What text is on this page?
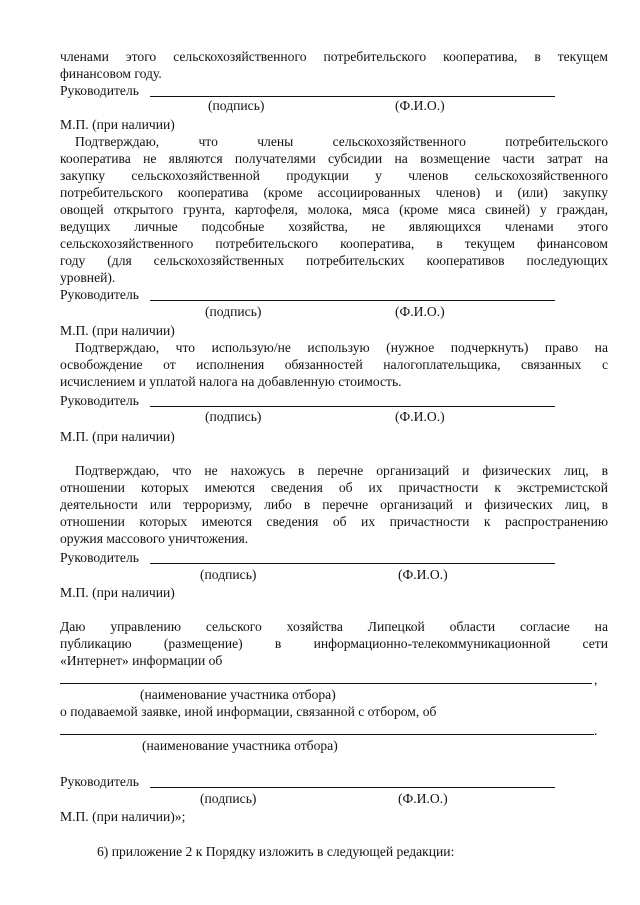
членами этого сельскохозяйственного потребительского кооператива, в текущем
финансовом году.
Руководитель
(подпись)	(Ф.И.О.)
М.П. (при наличии)
Подтверждаю, что члены сельскохозяйственного потребительского
кооператива не являются получателями субсидии на возмещение части затрат на
закупку сельскохозяйственной продукции у членов сельскохозяйственного
потребительского кооператива (кроме ассоциированных членов) и (или) закупку
овощей открытого грунта, картофеля, молока, мяса (кроме мяса свиней) у граждан,
ведущих личные подсобные хозяйства, не являющихся членами этого
сельскохозяйственного потребительского кооператива, в текущем финансовом
году (для сельскохозяйственных потребительских кооперативов последующих
уровней).
Руководитель
(подпись)	(Ф.И.О.)
М.П. (при наличии)
Подтверждаю, что использую/не использую (нужное подчеркнуть) право на
освобождение от исполнения обязанностей налогоплательщика, связанных с
исчислением и уплатой налога на добавленную стоимость.
Руководитель
(подпись)	(Ф.И.О.)
М.П. (при наличии)
Подтверждаю, что не нахожусь в перечне организаций и физических лиц, в
отношении которых имеются сведения об их причастности к экстремистской
деятельности или терроризму, либо в перечне организаций и физических лиц, в
отношении которых имеются сведения об их причастности к распространению
оружия массового уничтожения.
Руководитель
(подпись)	(Ф.И.О.)
М.П. (при наличии)
Даю управлению сельского хозяйства Липецкой области согласие на
публикацию (размещение) в информационно-телекоммуникационной сети
«Интернет» информации об
,
(наименование участника отбора)
о подаваемой заявке, иной информации, связанной с отбором, об
.
(наименование участника отбора)
Руководитель
(подпись)	(Ф.И.О.)
М.П. (при наличии)»;
6) приложение 2 к Порядку изложить в следующей редакции:
